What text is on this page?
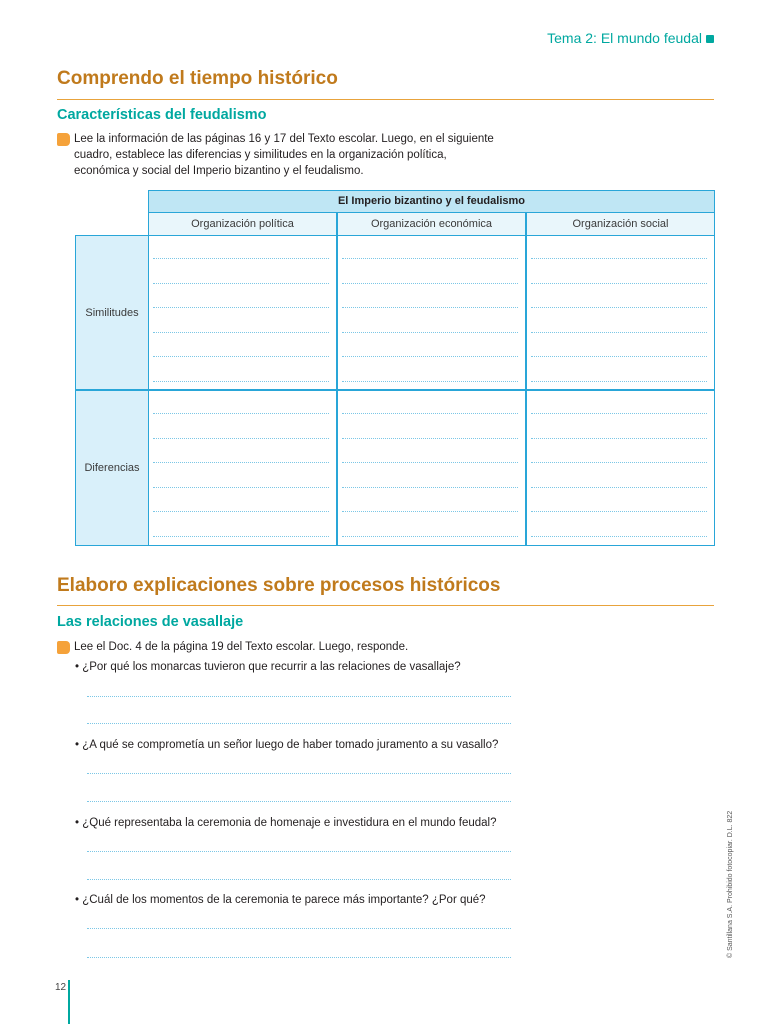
Tema 2: El mundo feudal
Comprendo el tiempo histórico
Características del feudalismo
Lee la información de las páginas 16 y 17 del Texto escolar. Luego, en el siguiente
cuadro, establece las diferencias y similitudes en la organización política,
económica y social del Imperio bizantino y el feudalismo.
El Imperio bizantino y el feudalismo
Organización política	Organización económica	Organización social
Similitudes
Diferencias
Elaboro explicaciones sobre procesos históricos
Las relaciones de vasallaje
Lee el Doc. 4 de la página 19 del Texto escolar. Luego, responde.
• ¿Por qué los monarcas tuvieron que recurrir a las relaciones de vasallaje?
• ¿A qué se comprometía un señor luego de haber tomado juramento a su vasallo?
• ¿Qué representaba la ceremonia de homenaje e investidura en el mundo feudal?
• ¿Cuál de los momentos de la ceremonia te parece más importante? ¿Por qué?	© Santillana S.A. Prohibido fotocopiar. D.L. 822
12
